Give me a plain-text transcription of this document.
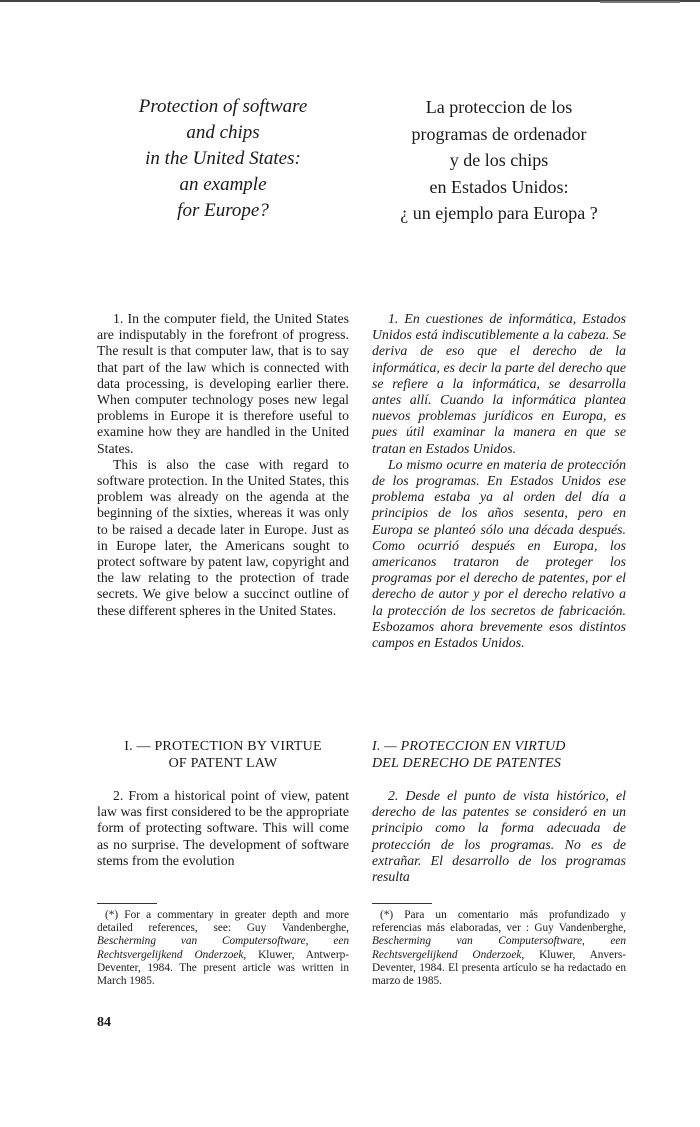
Protection of software
and chips
in the United States:
an example
for Europe?

La proteccion de los
programas de ordenador
y de los chips
en Estados Unidos:
¿ un ejemplo para Europa ?

1. In the computer field, the United States are indisputably in the forefront of progress. The result is that computer law, that is to say that part of the law which is connected with data processing, is developing earlier there. When computer technology poses new legal problems in Europe it is therefore useful to examine how they are handled in the United States.

This is also the case with regard to software protection. In the United States, this problem was already on the agenda at the beginning of the sixties, whereas it was only to be raised a decade later in Europe. Just as in Europe later, the Americans sought to protect software by patent law, copyright and the law relating to the protection of trade secrets. We give below a succinct outline of these different spheres in the United States.

1. En cuestiones de informática, Estados Unidos está indiscutiblemente a la cabeza. Se deriva de eso que el derecho de la informática, es decir la parte del derecho que se refiere a la informática, se desarrolla antes allí. Cuando la informática plantea nuevos problemas jurídicos en Europa, es pues útil examinar la manera en que se tratan en Estados Unidos.

Lo mismo ocurre en materia de protección de los programas. En Estados Unidos ese problema estaba ya al orden del día a principios de los años sesenta, pero en Europa se planteó sólo una década después. Como ocurrió después en Europa, los americanos trataron de proteger los programas por el derecho de patentes, por el derecho de autor y por el derecho relativo a la protección de los secretos de fabricación. Esbozamos ahora brevemente esos distintos campos en Estados Unidos.

I. — PROTECTION BY VIRTUE
OF PATENT LAW

I. — PROTECCION EN VIRTUD
DEL DERECHO DE PATENTES

2. From a historical point of view, patent law was first considered to be the appropriate form of protecting software. This will come as no surprise. The development of software stems from the evolution

2. Desde el punto de vista histórico, el derecho de las patentes se consideró en un principio como la forma adecuada de protección de los programas. No es de extrañar. El desarrollo de los programas resulta

(*) For a commentary in greater depth and more detailed references, see: Guy Vandenberghe, Bescherming van Computersoftware, een Rechtsvergelijkend Onderzoek, Kluwer, Antwerp-Deventer, 1984. The present article was written in March 1985.

(*) Para un comentario más profundizado y referencias más elaboradas, ver : Guy Vandenberghe, Bescherming van Computersoftware, een Rechtsvergelijkend Onderzoek, Kluwer, Anvers-Deventer, 1984. El presenta artículo se ha redactado en marzo de 1985.

84
